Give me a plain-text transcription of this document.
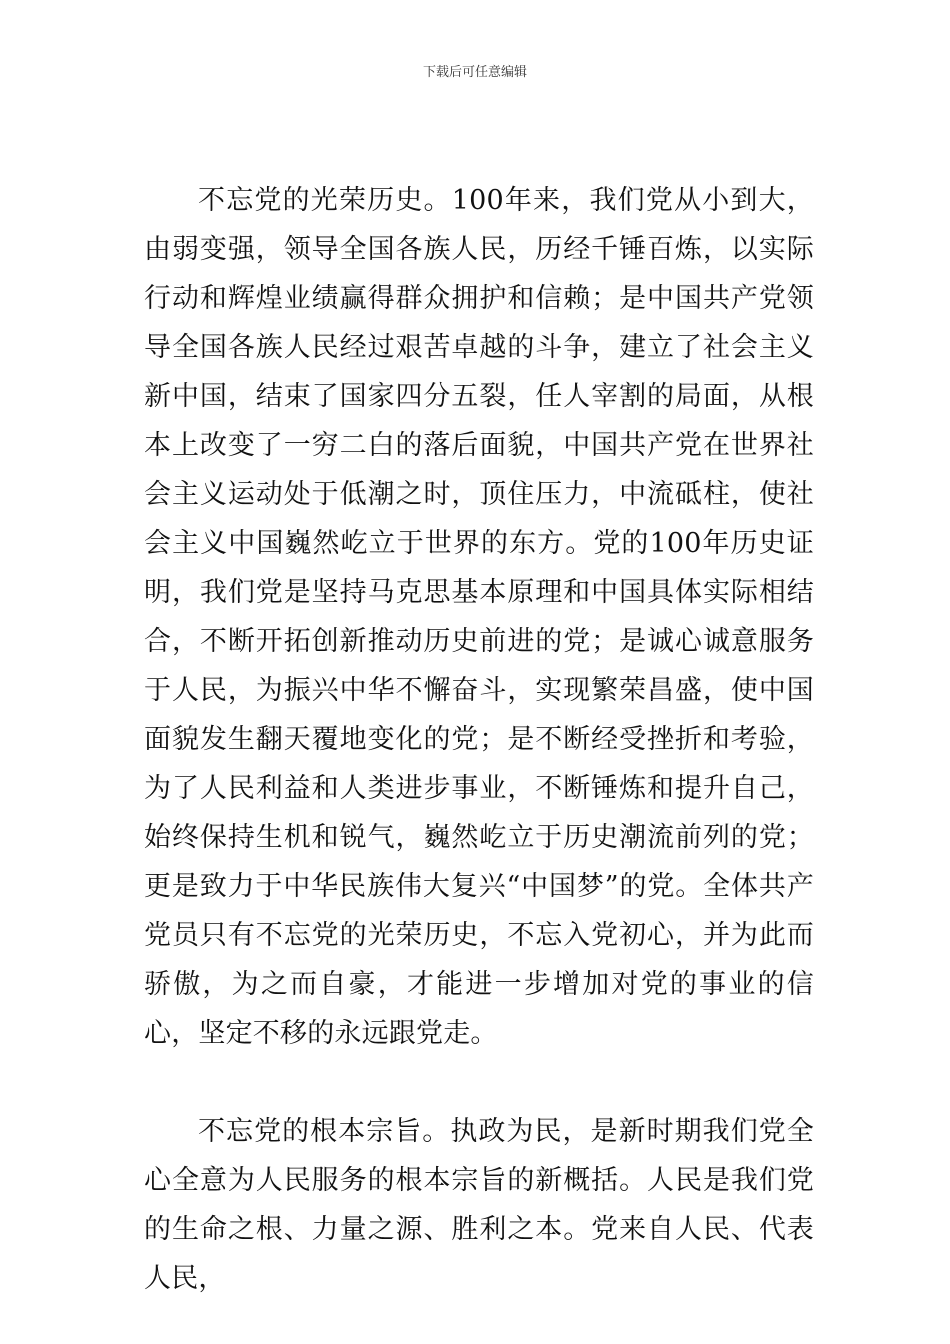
下载后可任意编辑

不忘党的光荣历史。100年来，我们党从小到大，由弱变强，领导全国各族人民，历经千锤百炼，以实际行动和辉煌业绩赢得群众拥护和信赖；是中国共产党领导全国各族人民经过艰苦卓越的斗争，建立了社会主义新中国，结束了国家四分五裂，任人宰割的局面，从根本上改变了一穷二白的落后面貌，中国共产党在世界社会主义运动处于低潮之时，顶住压力，中流砥柱，使社会主义中国巍然屹立于世界的东方。党的100年历史证明，我们党是坚持马克思基本原理和中国具体实际相结合，不断开拓创新推动历史前进的党；是诚心诚意服务于人民，为振兴中华不懈奋斗，实现繁荣昌盛，使中国面貌发生翻天覆地变化的党；是不断经受挫折和考验，为了人民利益和人类进步事业，不断锤炼和提升自己，始终保持生机和锐气，巍然屹立于历史潮流前列的党；更是致力于中华民族伟大复兴“中国梦”的党。全体共产党员只有不忘党的光荣历史，不忘入党初心，并为此而骄傲，为之而自豪，才能进一步增加对党的事业的信心，坚定不移的永远跟党走。

不忘党的根本宗旨。执政为民，是新时期我们党全心全意为人民服务的根本宗旨的新概括。人民是我们党的生命之根、力量之源、胜利之本。党来自人民、代表人民，
